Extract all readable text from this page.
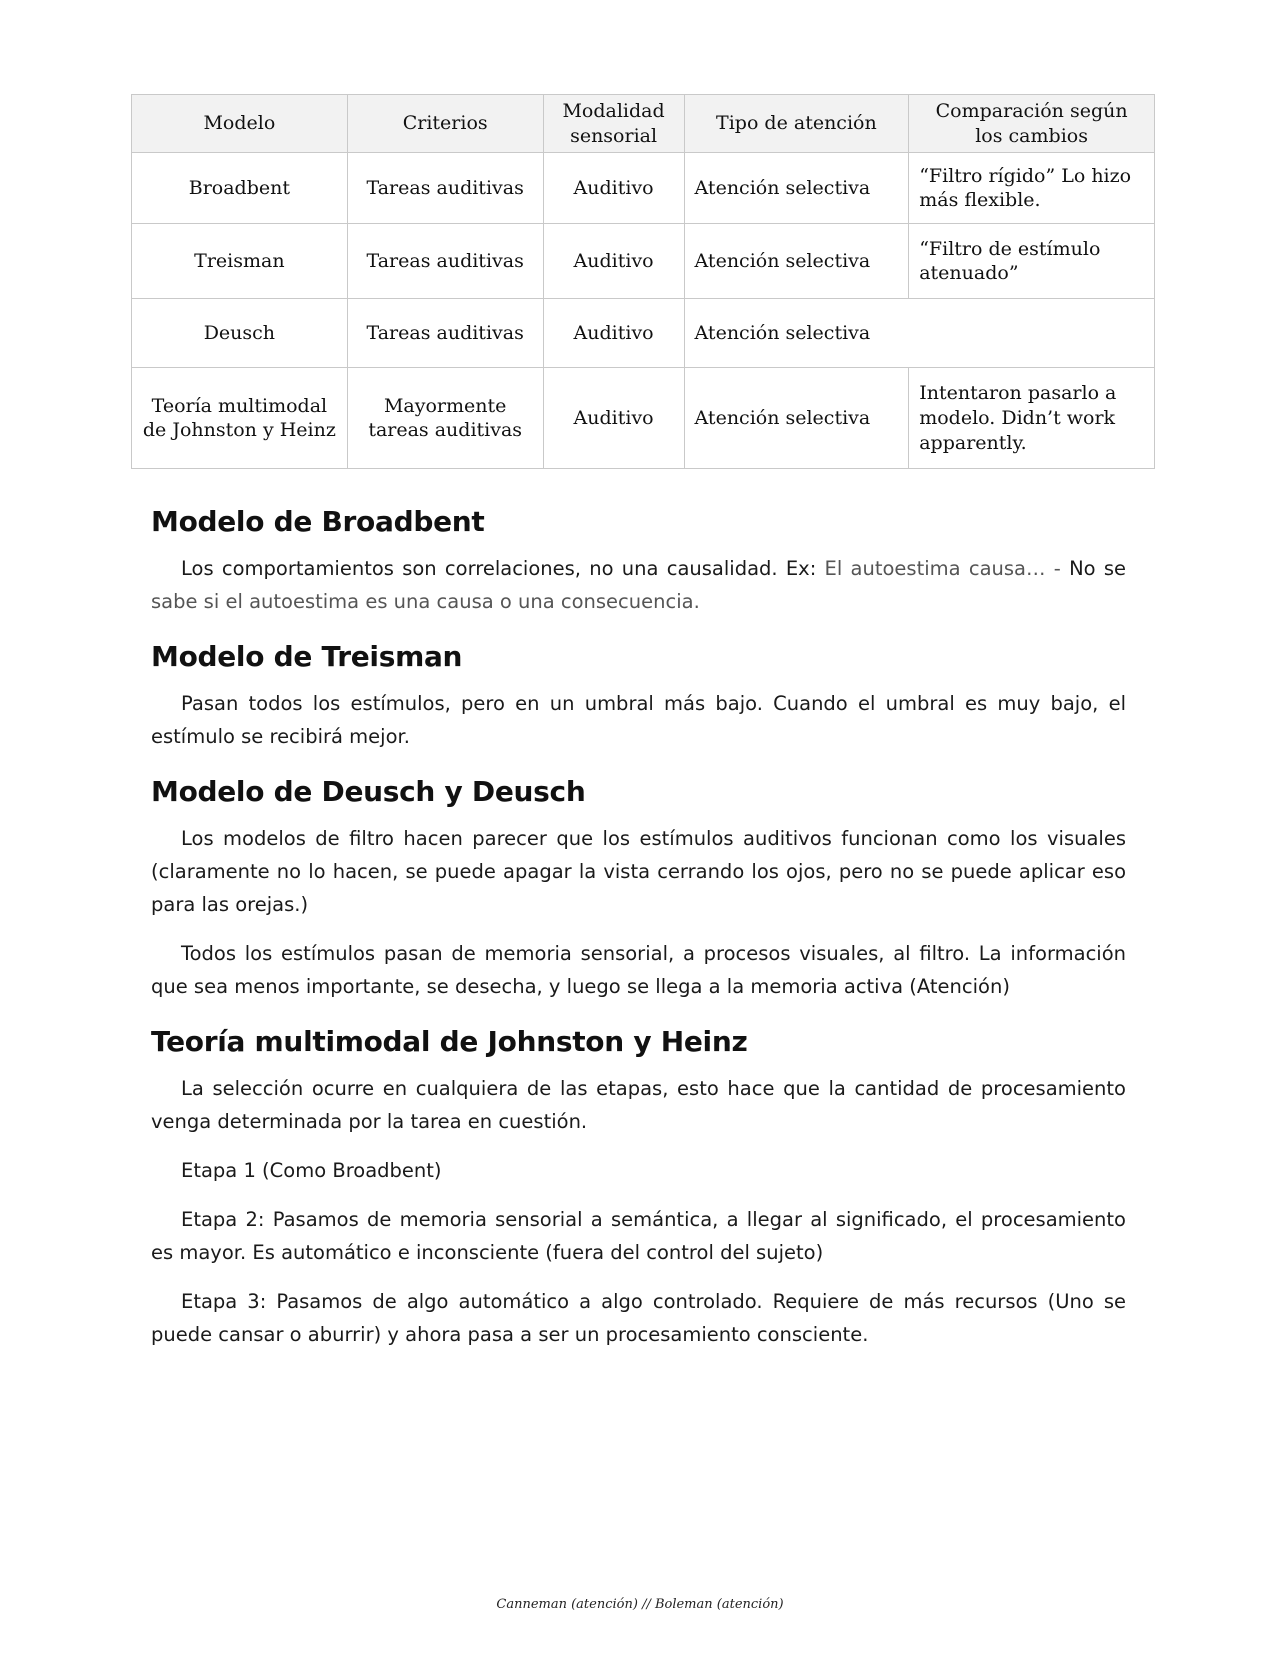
Modelo	Criterios	Modalidad sensorial	Tipo de atención	Comparación según los cambios
Broadbent	Tareas auditivas	Auditivo	Atención selectiva	“Filtro rígido” Lo hizo más flexible.
Treisman	Tareas auditivas	Auditivo	Atención selectiva	“Filtro de estímulo atenuado”
Deusch	Tareas auditivas	Auditivo	Atención selectiva	
Teoría multimodal de Johnston y Heinz	Mayormente tareas auditivas	Auditivo	Atención selectiva	Intentaron pasarlo a modelo. Didn’t work apparently.
Modelo de Broadbent

Los comportamientos son correlaciones, no una causalidad. Ex: El autoestima causa… - No se sabe si el autoestima es una causa o una consecuencia.

Modelo de Treisman

Pasan todos los estímulos, pero en un umbral más bajo. Cuando el umbral es muy bajo, el estímulo se recibirá mejor.

Modelo de Deusch y Deusch

Los modelos de filtro hacen parecer que los estímulos auditivos funcionan como los visuales (claramente no lo hacen, se puede apagar la vista cerrando los ojos, pero no se puede aplicar eso para las orejas.)

Todos los estímulos pasan de memoria sensorial, a procesos visuales, al filtro. La información que sea menos importante, se desecha, y luego se llega a la memoria activa (Atención)

Teoría multimodal de Johnston y Heinz

La selección ocurre en cualquiera de las etapas, esto hace que la cantidad de procesamiento venga determinada por la tarea en cuestión.

Etapa 1 (Como Broadbent)

Etapa 2: Pasamos de memoria sensorial a semántica, a llegar al significado, el procesamiento es mayor. Es automático e inconsciente (fuera del control del sujeto)

Etapa 3: Pasamos de algo automático a algo controlado. Requiere de más recursos (Uno se puede cansar o aburrir) y ahora pasa a ser un procesamiento consciente.

Canneman (atención) // Boleman (atención)
